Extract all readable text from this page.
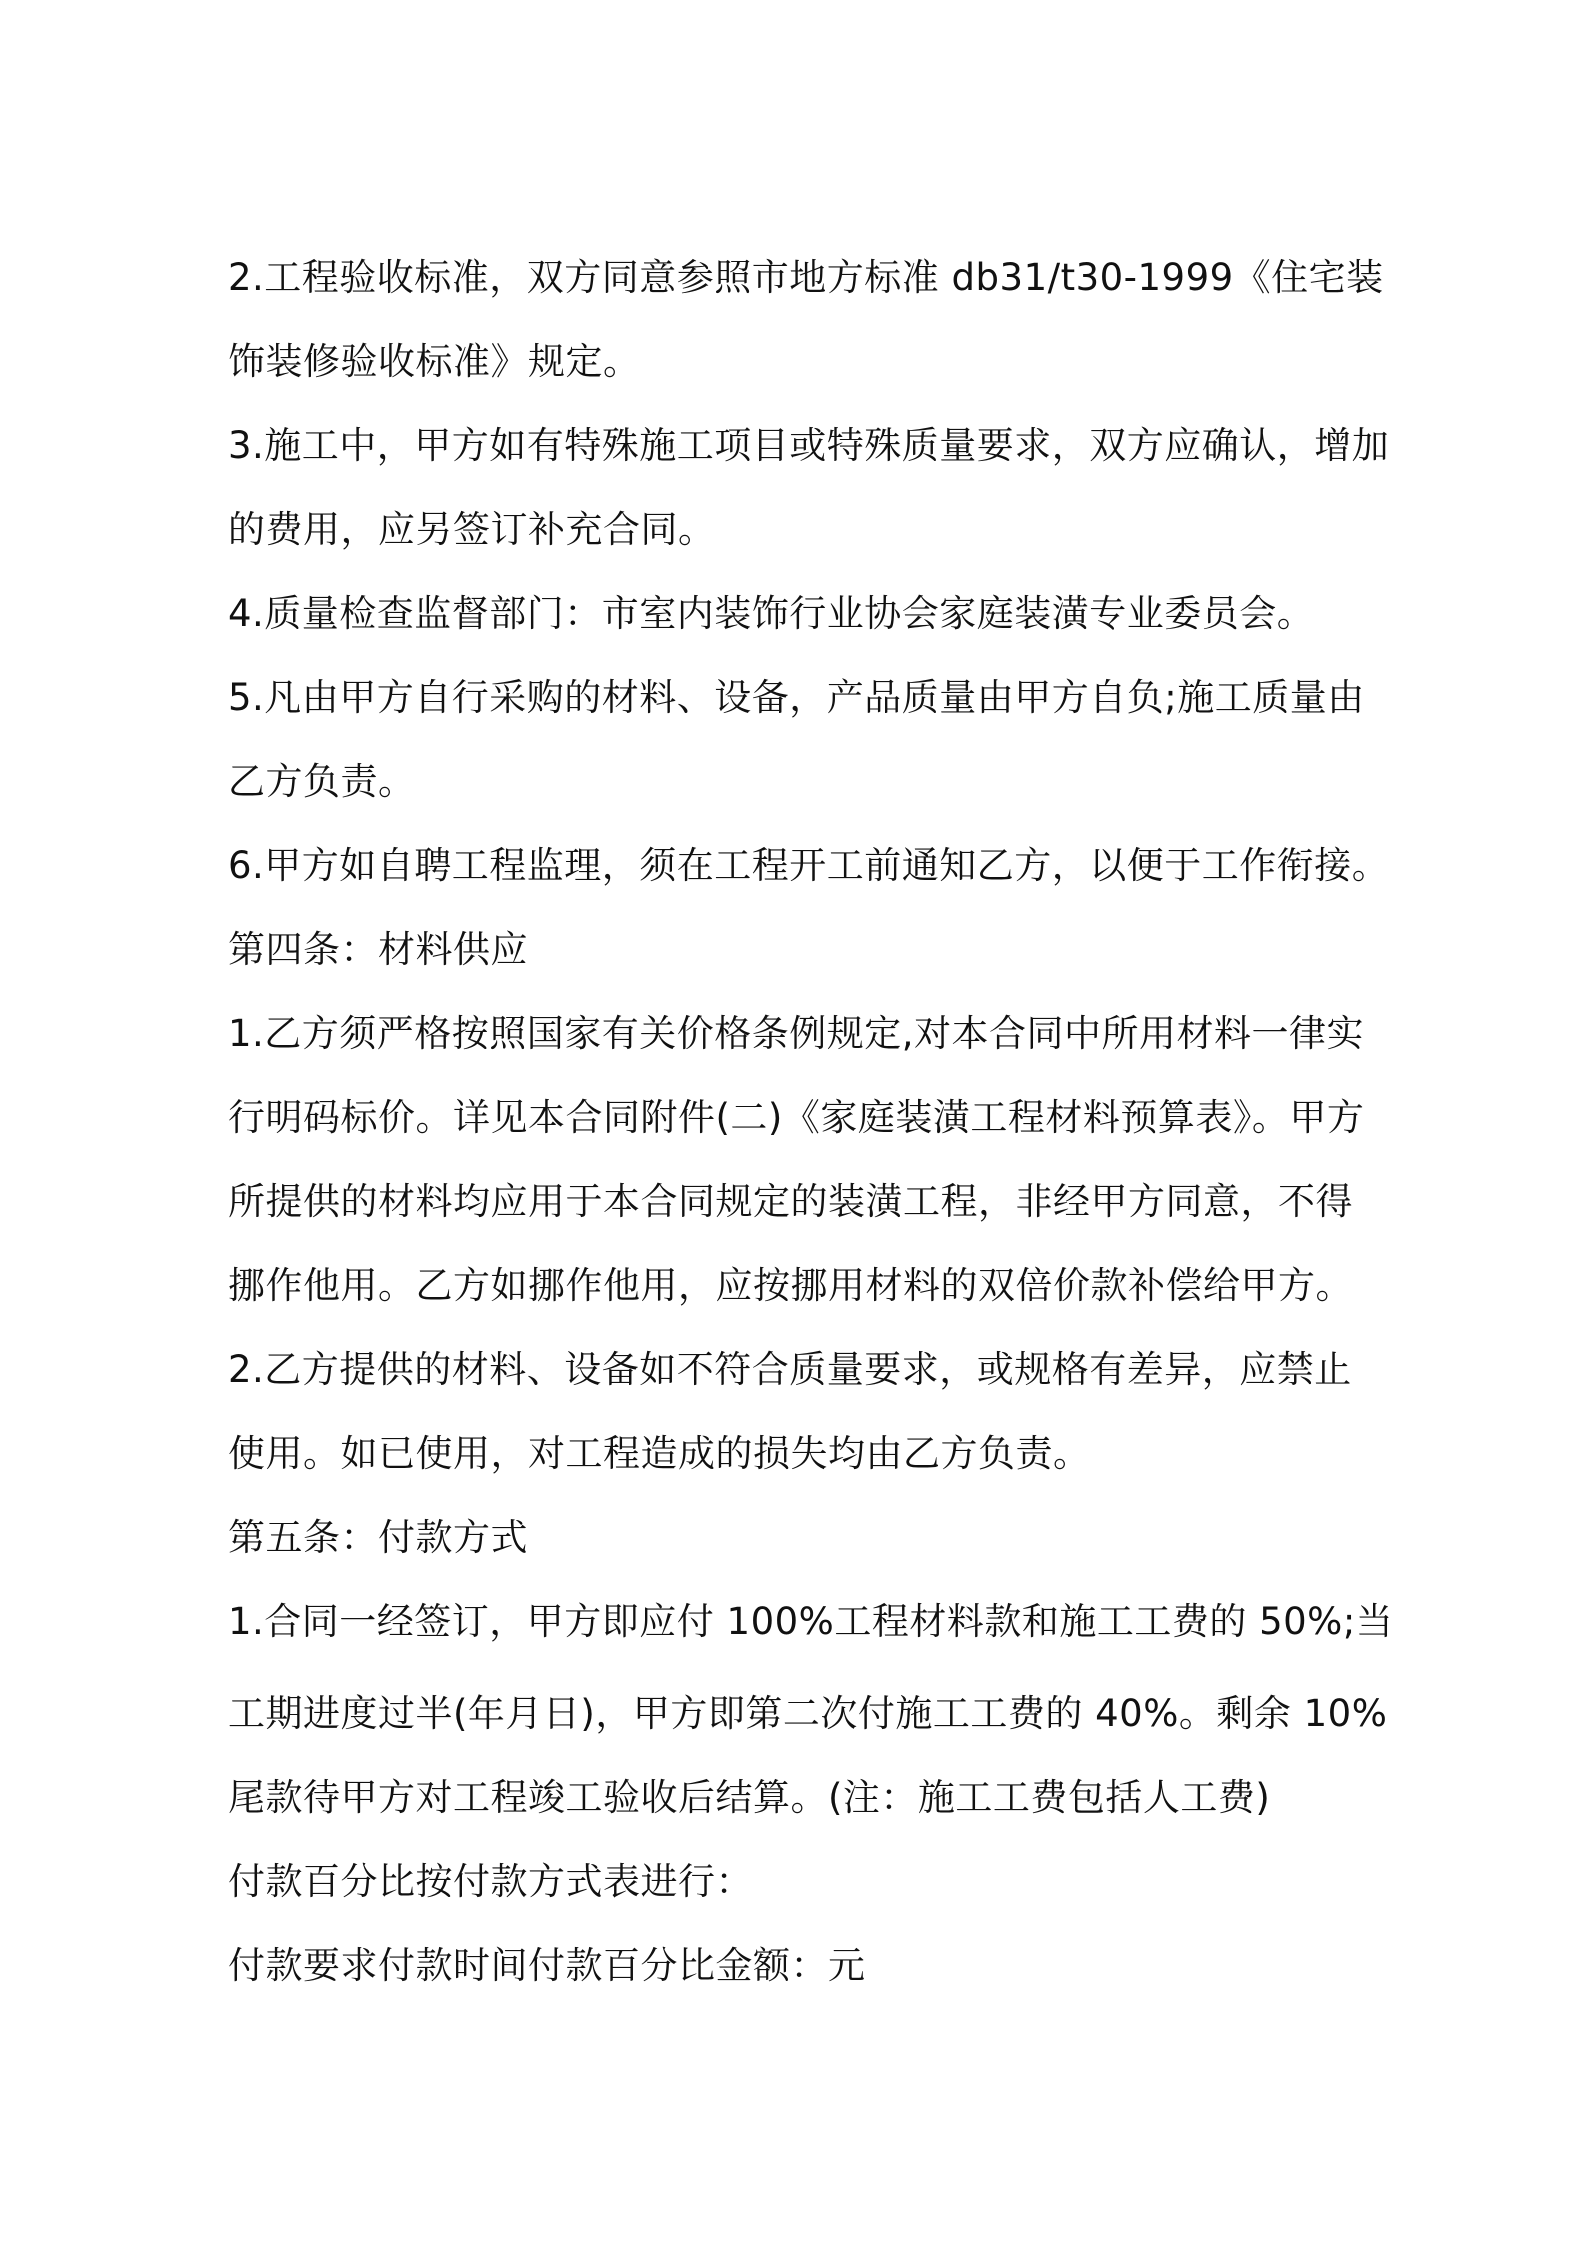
2.工程验收标准，双方同意参照市地方标准 db31/t30-1999《住宅装
饰装修验收标准》规定。
3.施工中，甲方如有特殊施工项目或特殊质量要求，双方应确认，增加
的费用，应另签订补充合同。
4.质量检查监督部门：市室内装饰行业协会家庭装潢专业委员会。
5.凡由甲方自行采购的材料、设备，产品质量由甲方自负;施工质量由
乙方负责。
6.甲方如自聘工程监理，须在工程开工前通知乙方，以便于工作衔接。
第四条：材料供应
1.乙方须严格按照国家有关价格条例规定,对本合同中所用材料一律实
行明码标价。详见本合同附件(二)《家庭装潢工程材料预算表》。甲方
所提供的材料均应用于本合同规定的装潢工程，非经甲方同意，不得
挪作他用。乙方如挪作他用，应按挪用材料的双倍价款补偿给甲方。
2.乙方提供的材料、设备如不符合质量要求，或规格有差异，应禁止
使用。如已使用，对工程造成的损失均由乙方负责。
第五条：付款方式
1.合同一经签订，甲方即应付 100%工程材料款和施工工费的 50%;当
工期进度过半(年月日)，甲方即第二次付施工工费的 40%。剩余 10%
尾款待甲方对工程竣工验收后结算。(注：施工工费包括人工费)
付款百分比按付款方式表进行：
付款要求付款时间付款百分比金额：元
